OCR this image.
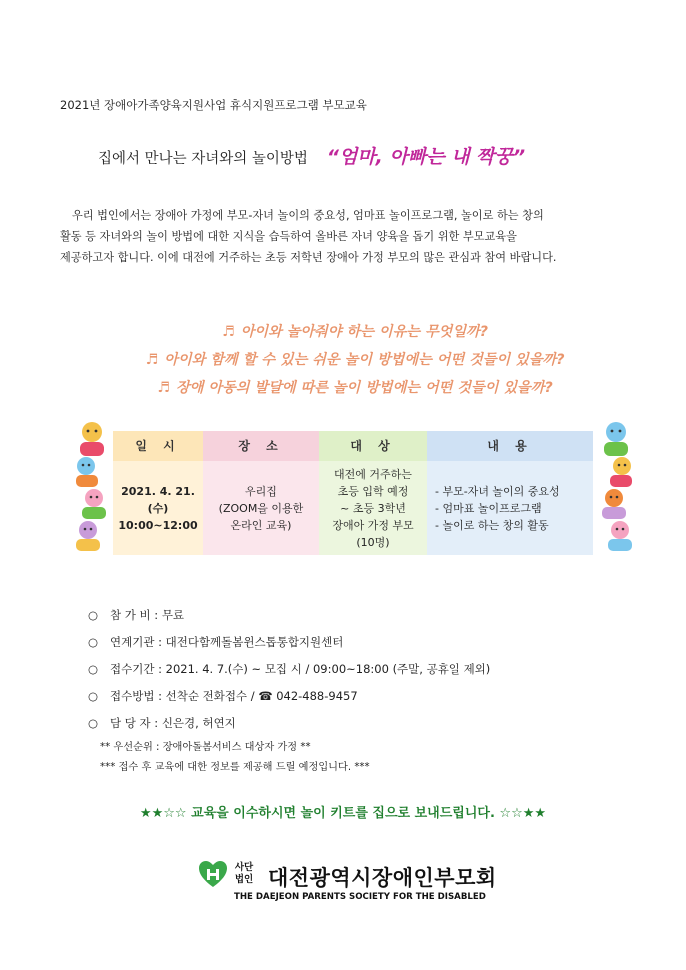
2021년 장애아가족양육지원사업 휴식지원프로그램 부모교육
집에서 만나는 자녀와의 놀이방법 “엄마, 아빠는 내 짝꿍”
우리 법인에서는 장애아 가정에 부모-자녀 놀이의 중요성, 엄마표 놀이프로그램, 놀이로 하는 창의
활동 등 자녀와의 놀이 방법에 대한 지식을 습득하여 올바른 자녀 양육을 돕기 위한 부모교육을
제공하고자 합니다. 이에 대전에 거주하는 초등 저학년 장애아 가정 부모의 많은 관심과 참여 바랍니다.
♬ 아이와 놀아줘야 하는 이유는 무엇일까?
♬ 아이와 함께 할 수 있는 쉬운 놀이 방법에는 어떤 것들이 있을까?
♬ 장애 아동의 발달에 따른 놀이 방법에는 어떤 것들이 있을까?
일 시
2021. 4. 21.(수)
10:00~12:00
장 소
우리집
(ZOOM을 이용한
온라인 교육)
대 상
대전에 거주하는
초등 입학 예정
~ 초등 3학년
장애아 가정 부모
(10명)
내 용
- 부모-자녀 놀이의 중요성
- 엄마표 놀이프로그램
- 놀이로 하는 창의 활동
○ 참 가 비 : 무료
○ 연계기관 : 대전다함께돌봄윈스톱통합지원센터
○ 접수기간 : 2021. 4. 7.(수) ~ 모집 시 / 09:00~18:00 (주말, 공휴일 제외)
○ 접수방법 : 선착순 전화접수 / ☎ 042-488-9457
○ 담 당 자 : 신은경, 허연지
** 우선순위 : 장애아돌봄서비스 대상자 가정 **
*** 접수 후 교육에 대한 정보를 제공해 드릴 예정입니다. ***
★★☆☆ 교육을 이수하시면 놀이 키트를 집으로 보내드립니다. ☆☆★★
사단
법인 대전광역시장애인부모회
THE DAEJEON PARENTS SOCIETY FOR THE DISABLED
